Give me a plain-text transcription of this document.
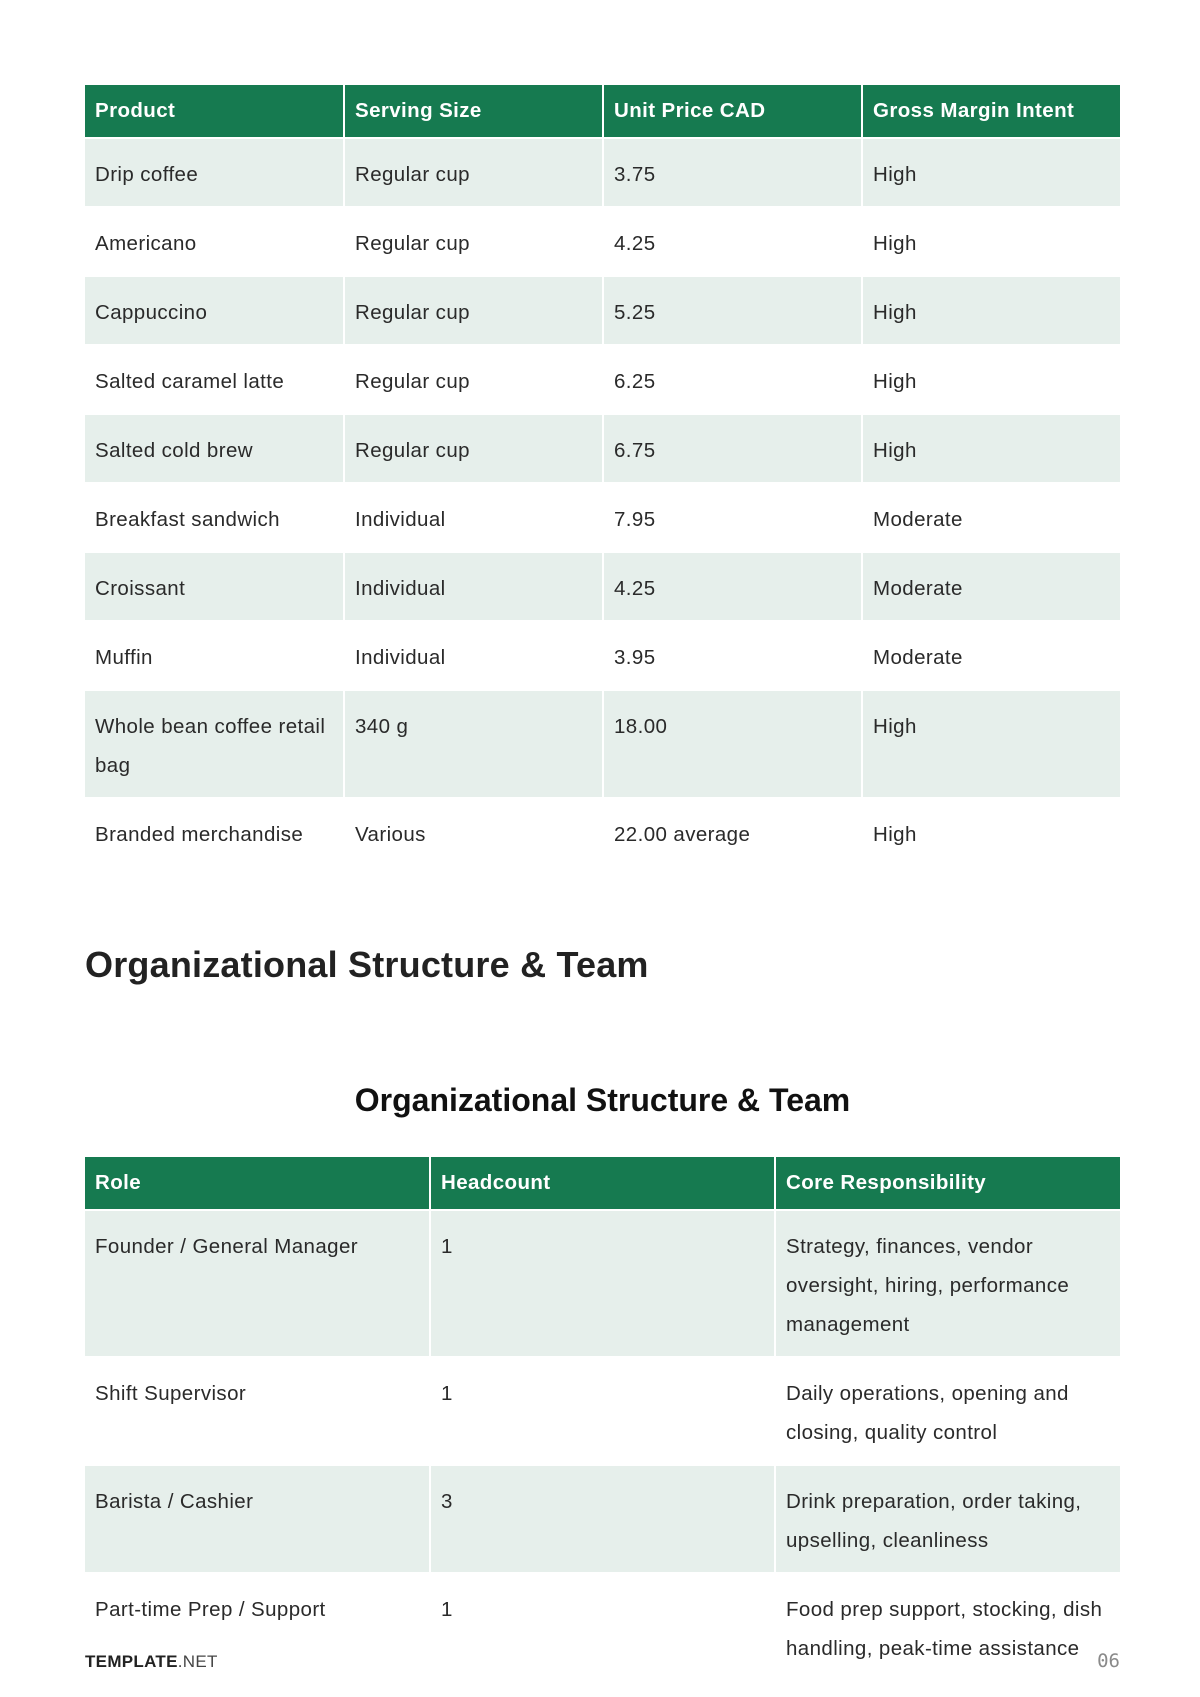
Product	Serving Size	Unit Price CAD	Gross Margin Intent
Drip coffee	Regular cup	3.75	High
Americano	Regular cup	4.25	High
Cappuccino	Regular cup	5.25	High
Salted caramel latte	Regular cup	6.25	High
Salted cold brew	Regular cup	6.75	High
Breakfast sandwich	Individual	7.95	Moderate
Croissant	Individual	4.25	Moderate
Muffin	Individual	3.95	Moderate
Whole bean coffee retail bag	340 g	18.00	High
Branded merchandise	Various	22.00 average	High
Organizational Structure & Team
Organizational Structure & Team
Role	Headcount	Core Responsibility
Founder / General Manager	1	Strategy, finances, vendor oversight, hiring, performance management
Shift Supervisor	1	Daily operations, opening and closing, quality control
Barista / Cashier	3	Drink preparation, order taking, upselling, cleanliness
Part-time Prep / Support	1	Food prep support, stocking, dish handling, peak-time assistance
TEMPLATE.NET	06
